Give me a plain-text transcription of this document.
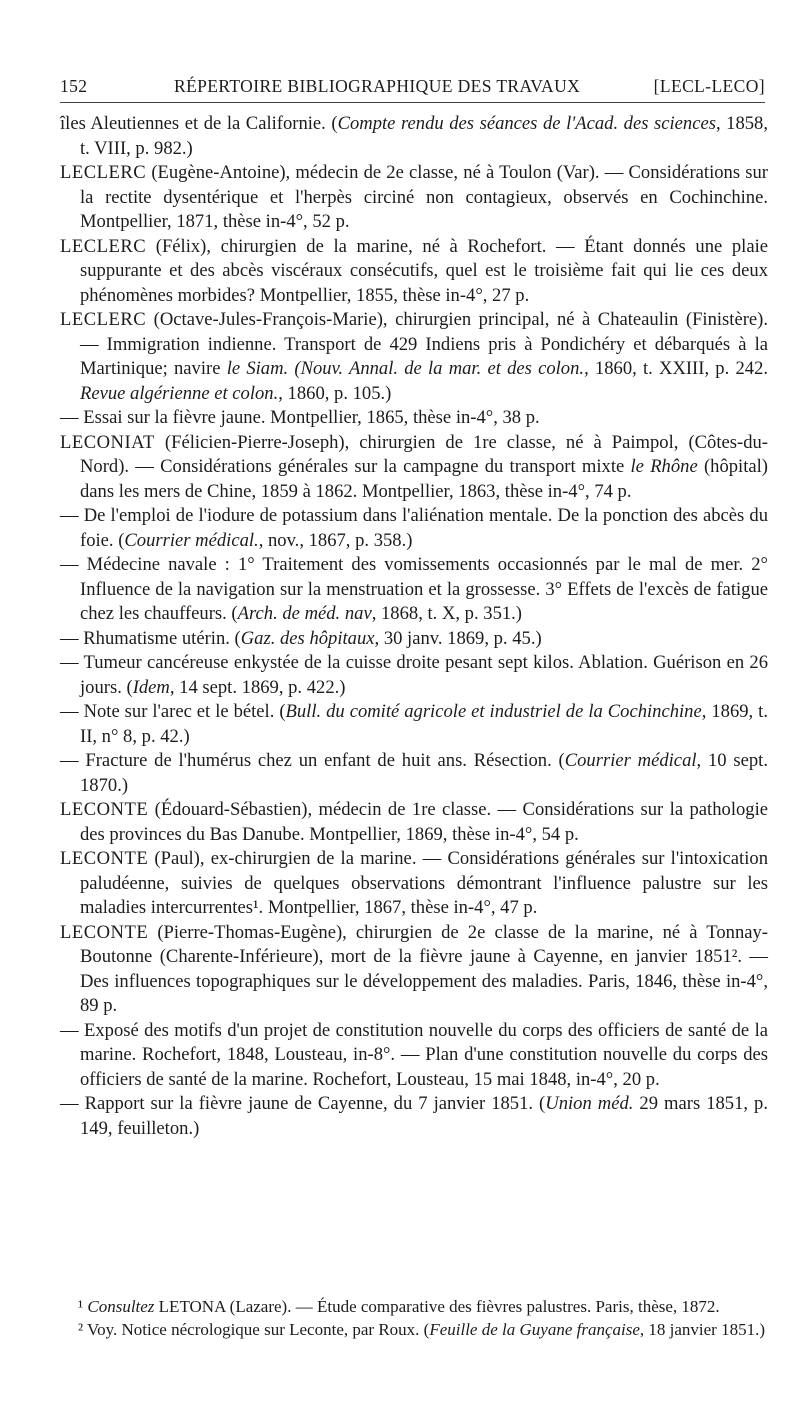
152	RÉPERTOIRE BIBLIOGRAPHIQUE DES TRAVAUX	[LECL-LECO]

îles Aleutiennes et de la Californie. (Compte rendu des séances de l'Acad. des sciences, 1858, t. VIII, p. 982.)

LECLERC (Eugène-Antoine), médecin de 2e classe, né à Toulon (Var). — Considérations sur la rectite dysentérique et l'herpès circiné non contagieux, observés en Cochinchine. Montpellier, 1871, thèse in-4°, 52 p.

LECLERC (Félix), chirurgien de la marine, né à Rochefort. — Étant donnés une plaie suppurante et des abcès viscéraux consécutifs, quel est le troisième fait qui lie ces deux phénomènes morbides? Montpellier, 1855, thèse in-4°, 27 p.

LECLERC (Octave-Jules-François-Marie), chirurgien principal, né à Chateaulin (Finistère). — Immigration indienne. Transport de 429 Indiens pris à Pondichéry et débarqués à la Martinique; navire le Siam. (Nouv. Annal. de la mar. et des colon., 1860, t. XXIII, p. 242. Revue algérienne et colon., 1860, p. 105.)

— Essai sur la fièvre jaune. Montpellier, 1865, thèse in-4°, 38 p.

LECONIAT (Félicien-Pierre-Joseph), chirurgien de 1re classe, né à Paimpol, (Côtes-du-Nord). — Considérations générales sur la campagne du transport mixte le Rhône (hôpital) dans les mers de Chine, 1859 à 1862. Montpellier, 1863, thèse in-4°, 74 p.

— De l'emploi de l'iodure de potassium dans l'aliénation mentale. De la ponction des abcès du foie. (Courrier médical., nov., 1867, p. 358.)

— Médecine navale : 1° Traitement des vomissements occasionnés par le mal de mer. 2° Influence de la navigation sur la menstruation et la grossesse. 3° Effets de l'excès de fatigue chez les chauffeurs. (Arch. de méd. nav, 1868, t. X, p. 351.)

— Rhumatisme utérin. (Gaz. des hôpitaux, 30 janv. 1869, p. 45.)

— Tumeur cancéreuse enkystée de la cuisse droite pesant sept kilos. Ablation. Guérison en 26 jours. (Idem, 14 sept. 1869, p. 422.)

— Note sur l'arec et le bétel. (Bull. du comité agricole et industriel de la Cochinchine, 1869, t. II, n° 8, p. 42.)

— Fracture de l'humérus chez un enfant de huit ans. Résection. (Courrier médical, 10 sept. 1870.)

LECONTE (Édouard-Sébastien), médecin de 1re classe. — Considérations sur la pathologie des provinces du Bas Danube. Montpellier, 1869, thèse in-4°, 54 p.

LECONTE (Paul), ex-chirurgien de la marine. — Considérations générales sur l'intoxication paludéenne, suivies de quelques observations démontrant l'influence palustre sur les maladies intercurrentes¹. Montpellier, 1867, thèse in-4°, 47 p.

LECONTE (Pierre-Thomas-Eugène), chirurgien de 2e classe de la marine, né à Tonnay-Boutonne (Charente-Inférieure), mort de la fièvre jaune à Cayenne, en janvier 1851². — Des influences topographiques sur le développement des maladies. Paris, 1846, thèse in-4°, 89 p.

— Exposé des motifs d'un projet de constitution nouvelle du corps des officiers de santé de la marine. Rochefort, 1848, Lousteau, in-8°. — Plan d'une constitution nouvelle du corps des officiers de santé de la marine. Rochefort, Lousteau, 15 mai 1848, in-4°, 20 p.

— Rapport sur la fièvre jaune de Cayenne, du 7 janvier 1851. (Union méd. 29 mars 1851, p. 149, feuilleton.)

¹ Consultez LETONA (Lazare). — Étude comparative des fièvres palustres. Paris, thèse, 1872.

² Voy. Notice nécrologique sur Leconte, par Roux. (Feuille de la Guyane française, 18 janvier 1851.)
